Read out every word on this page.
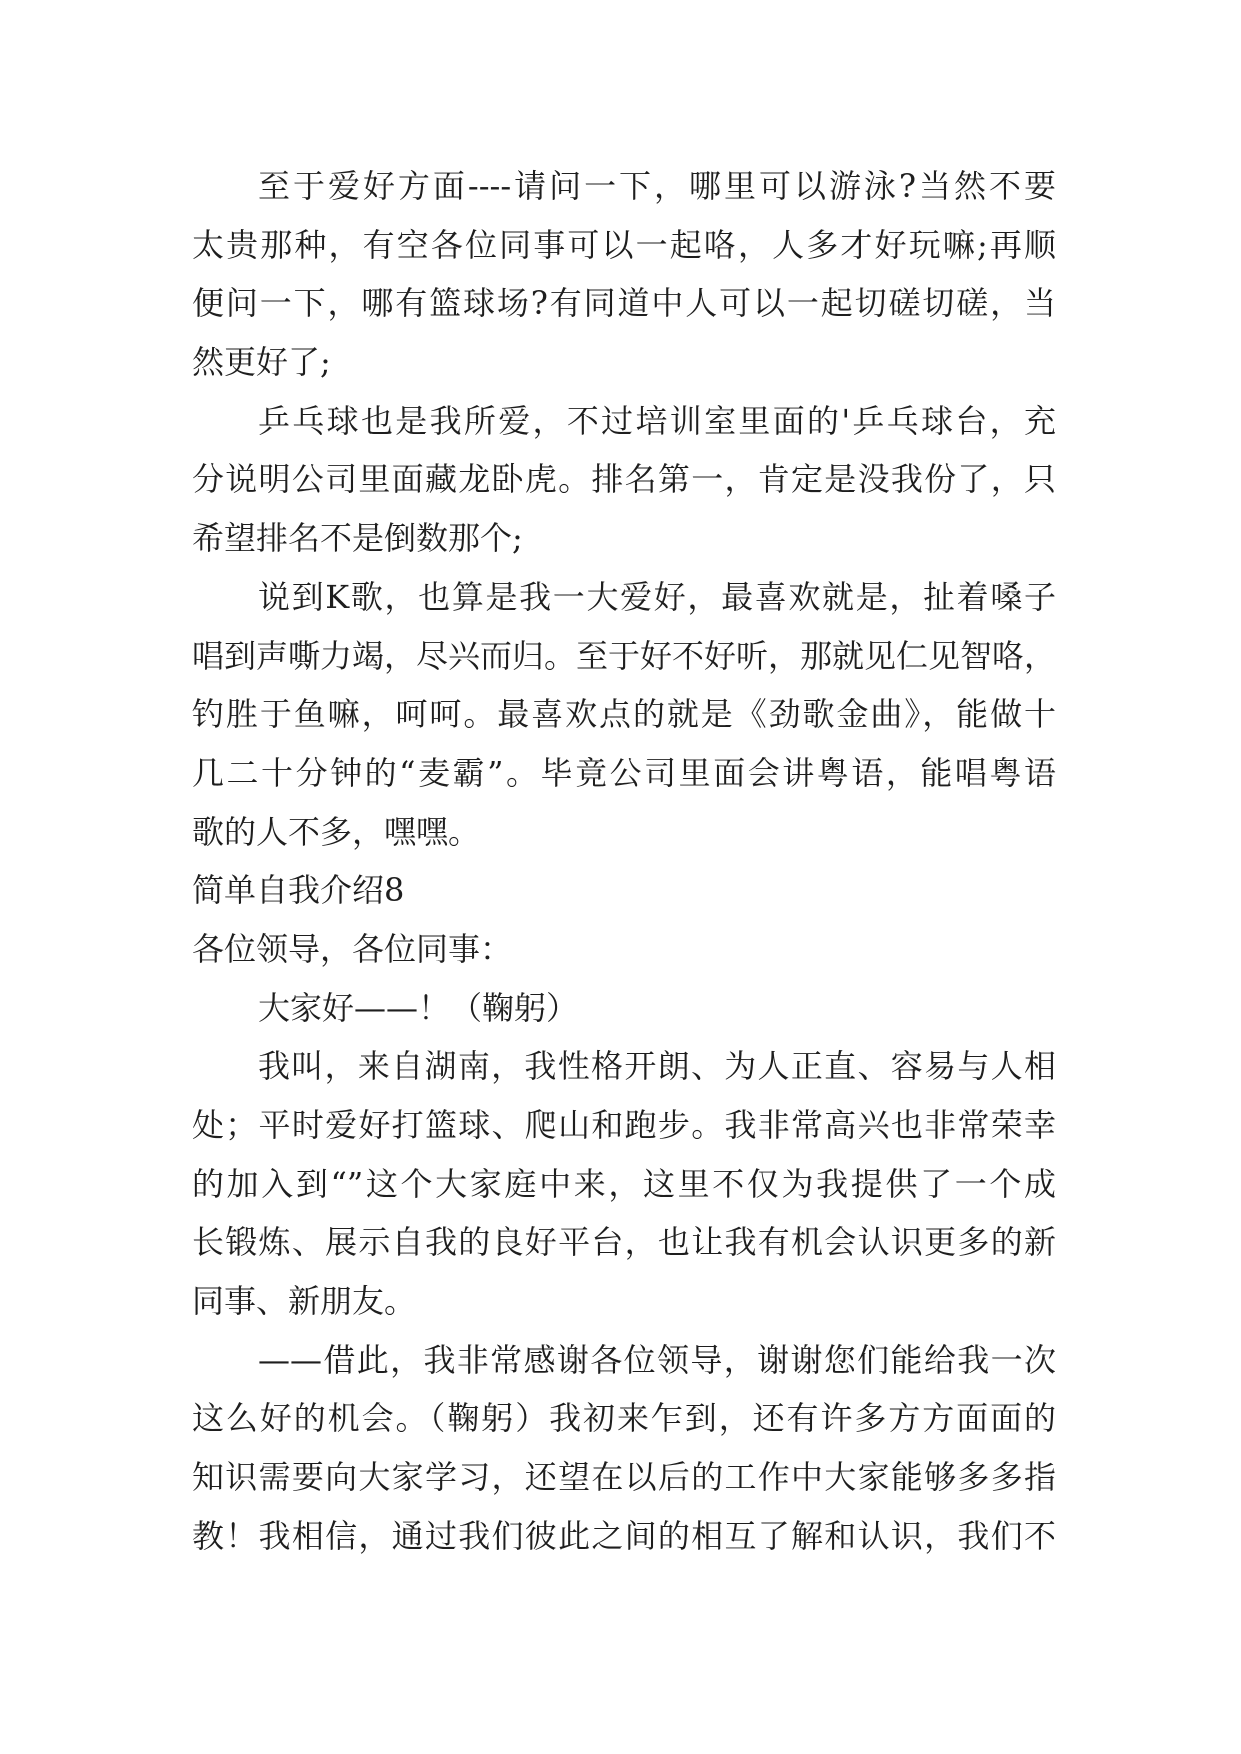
至于爱好方面----请问一下，哪里可以游泳?当然不要
太贵那种，有空各位同事可以一起咯，人多才好玩嘛;再顺
便问一下，哪有篮球场?有同道中人可以一起切磋切磋，当
然更好了;
乒乓球也是我所爱，不过培训室里面的'乒乓球台，充
分说明公司里面藏龙卧虎。排名第一，肯定是没我份了，只
希望排名不是倒数那个;
说到K歌，也算是我一大爱好，最喜欢就是，扯着嗓子
唱到声嘶力竭，尽兴而归。至于好不好听，那就见仁见智咯，
钓胜于鱼嘛，呵呵。最喜欢点的就是《劲歌金曲》，能做十
几二十分钟的“麦霸”。毕竟公司里面会讲粤语，能唱粤语
歌的人不多，嘿嘿。
简单自我介绍8
各位领导，各位同事：
大家好——！（鞠躬）
我叫，来自湖南，我性格开朗、为人正直、容易与人相
处；平时爱好打篮球、爬山和跑步。我非常高兴也非常荣幸
的加入到“”这个大家庭中来，这里不仅为我提供了一个成
长锻炼、展示自我的良好平台，也让我有机会认识更多的新
同事、新朋友。
——借此，我非常感谢各位领导，谢谢您们能给我一次
这么好的机会。（鞠躬）我初来乍到，还有许多方方面面的
知识需要向大家学习，还望在以后的工作中大家能够多多指
教！我相信，通过我们彼此之间的相互了解和认识，我们不
